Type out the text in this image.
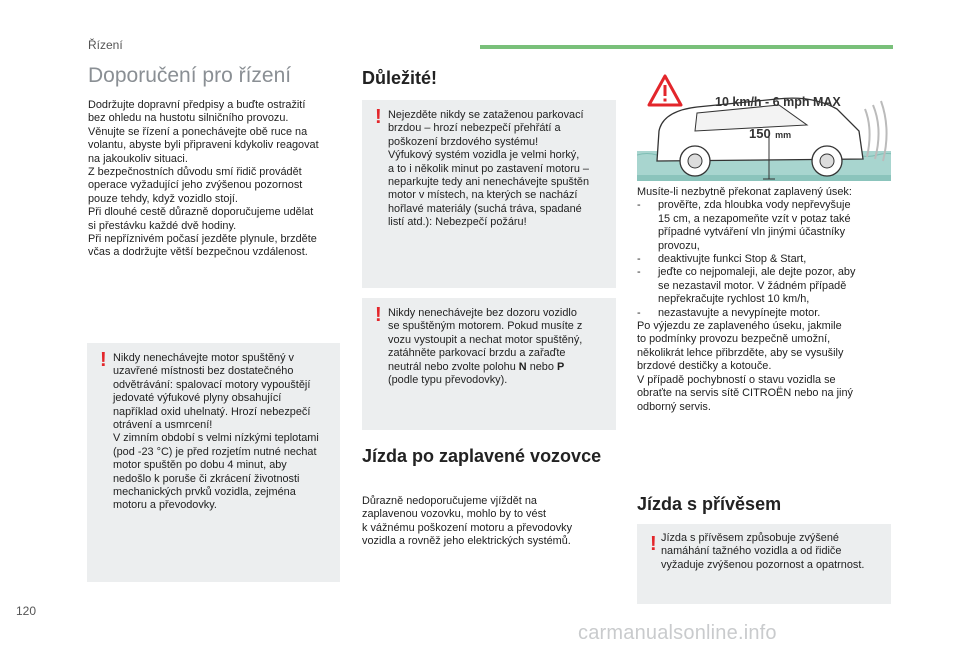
Řízení
Doporučení pro řízení

Dodržujte dopravní předpisy a buďte ostražití

bez ohledu na hustotu silničního provozu.

Věnujte se řízení a ponechávejte obě ruce na

volantu, abyste byli připraveni kdykoliv reagovat

na jakoukoliv situaci.

Z bezpečnostních důvodu smí řidič provádět

operace vyžadující jeho zvýšenou pozornost

pouze tehdy, když vozidlo stojí.

Při dlouhé cestě důrazně doporučujeme udělat

si přestávku každé dvě hodiny.

Při nepříznivém počasí jezděte plynule, brzděte

včas a dodržujte větší bezpečnou vzdálenost.

! Nikdy nenechávejte motor spuštěný v
uzavřené místnosti bez dostatečného
odvětrávání: spalovací motory vypouštějí
jedovaté výfukové plyny obsahující
například oxid uhelnatý. Hrozí nebezpečí
otrávení a usmrcení!
V zimním období s velmi nízkými teplotami
(pod -23 °C) je před rozjetím nutné nechat
motor spuštěn po dobu 4 minut, aby
nedošlo k poruše či zkrácení životnosti
mechanických prvků vozidla, zejména
motoru a převodovky.
Důležité!
! Nejezděte nikdy se zataženou parkovací
brzdou – hrozí nebezpečí přehřátí a
poškození brzdového systému!
Výfukový systém vozidla je velmi horký,
a to i několik minut po zastavení motoru –
neparkujte tedy ani nenechávejte spuštěn
motor v místech, na kterých se nachází
hořlavé materiály (suchá tráva, spadané
listí atd.): Nebezpečí požáru!
! Nikdy nenechávejte bez dozoru vozidlo
se spuštěným motorem. Pokud musíte z
vozu vystoupit a nechat motor spuštěný,
zatáhněte parkovací brzdu a zařaďte
neutrál nebo zvolte polohu N nebo P
(podle typu převodovky).
Jízda po zaplavené vozovce

Důrazně nedoporučujeme vjíždět na

zaplavenou vozovku, mohlo by to vést

k vážnému poškození motoru a převodovky

vozidla a rovněž jeho elektrických systémů.

10 km/h - 6 mph MAX
150 mm

Musíte-li nezbytně překonat zaplavený úsek:

- prověřte, zda hloubka vody nepřevyšuje
15 cm, a nezapomeňte vzít v potaz také
případné vytváření vln jinými účastníky
provozu,
- deaktivujte funkci Stop & Start,
- jeďte co nejpomaleji, ale dejte pozor, aby
se nezastavil motor. V žádném případě
nepřekračujte rychlost 10 km/h,
- nezastavujte a nevypínejte motor.

Po výjezdu ze zaplaveného úseku, jakmile

to podmínky provozu bezpečně umožní,

několikrát lehce přibrzděte, aby se vysušily

brzdové destičky a kotouče.

V případě pochybností o stavu vozidla se

obraťte na servis sítě CITROËN nebo na jiný

odborný servis.

Jízda s přívěsem
! Jízda s přívěsem způsobuje zvýšené
namáhání tažného vozidla a od řidiče
vyžaduje zvýšenou pozornost a opatrnost.
120
carmanualsonline.info
